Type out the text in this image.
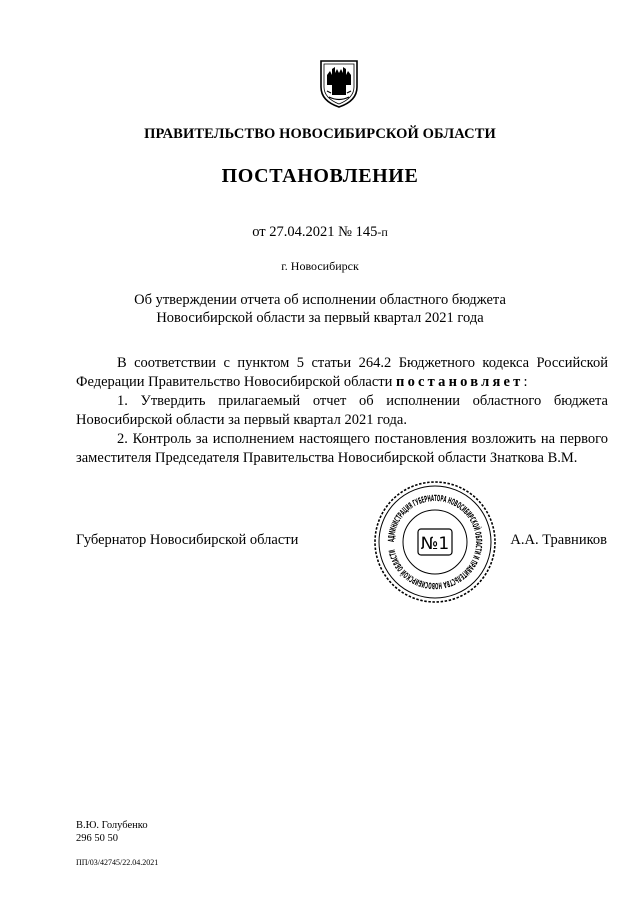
ПРАВИТЕЛЬСТВО НОВОСИБИРСКОЙ ОБЛАСТИ
ПОСТАНОВЛЕНИЕ
от 27.04.2021 № 145-п
г. Новосибирск
Об утверждении отчета об исполнении областного бюджета
Новосибирской области за первый квартал 2021 года

В соответствии с пунктом 5 статьи 264.2 Бюджетного кодекса Российской Федерации Правительство Новосибирской области постановляет:

1. Утвердить прилагаемый отчет об исполнении областного бюджета Новосибирской области за первый квартал 2021 года.

2. Контроль за исполнением настоящего постановления возложить на первого заместителя Председателя Правительства Новосибирской области Знаткова В.М.

Губернатор Новосибирской области	АДМИНИСТРАЦИЯ ГУБЕРНАТОРА НОВОСИБИРСКОЙ ОБЛАСТИ И ПРАВИТЕЛЬСТВА НОВОСИБИРСКОЙ ОБЛАСТИ	№1	А.А. Травников
В.Ю. Голубенко
296 50 50
ПП/03/42745/22.04.2021
